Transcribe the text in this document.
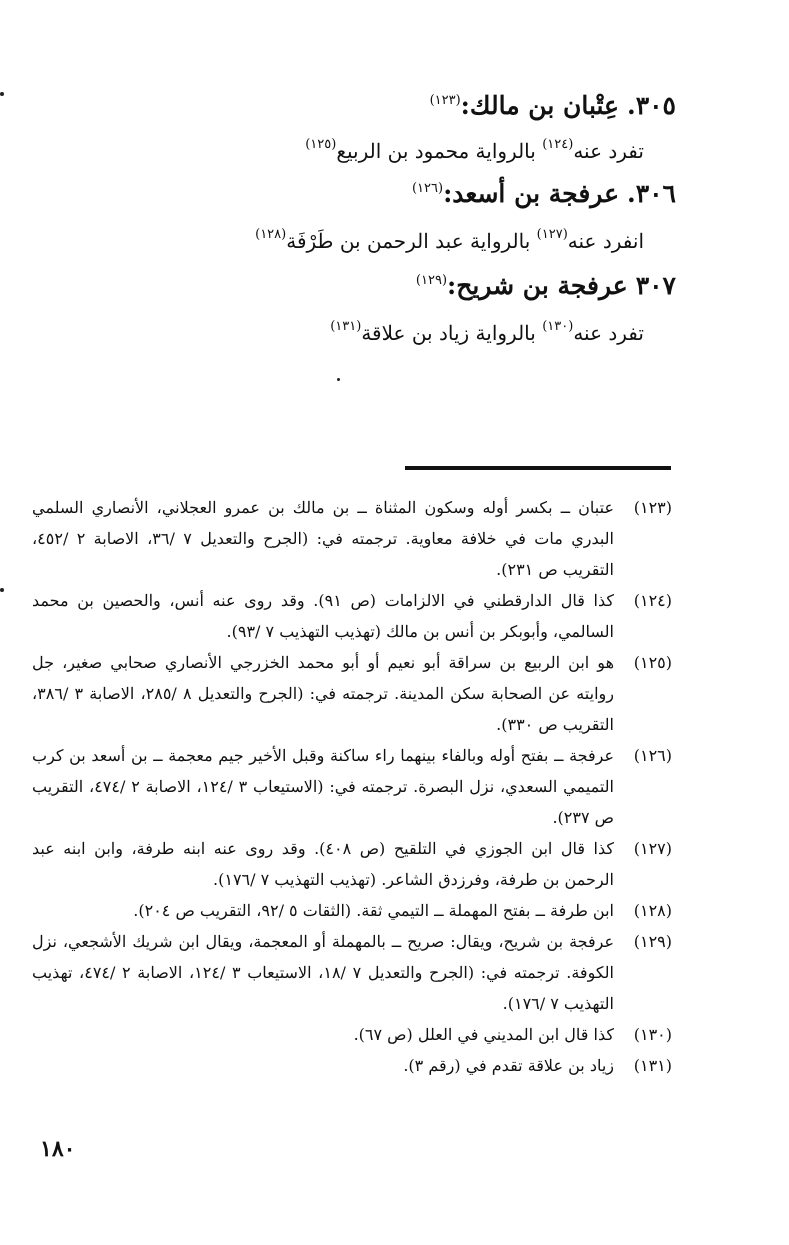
٣٠٥.عِتْبان بن مالك:$^{(١٢٣)}$
تفرد عنه$^{(١٢٤)}$ بالرواية محمود بن الربيع$^{(١٢٥)}$
٣٠٦.عرفجة بن أسعد:$^{(١٢٦)}$
انفرد عنه$^{(١٢٧)}$ بالرواية عبد الرحمن بن طَرْفَة$^{(١٢٨)}$
٣٠٧عرفجة بن شريح:$^{(١٢٩)}$
تفرد عنه$^{(١٣٠)}$ بالرواية زياد بن علاقة$^{(١٣١)}$
(١٢٣)
عتبان ــ بكسر أوله وسكون المثناة ــ بن مالك بن عمرو العجلاني، الأنصاري السلمي البدري مات في خلافة معاوية. ترجمته في: (الجرح والتعديل ٧ /٣٦، الاصابة ٢ /٤٥٢، التقريب ص ٢٣١).
(١٢٤)
كذا قال الدارقطني في الالزامات (ص ٩١). وقد روى عنه أنس، والحصين بن محمد السالمي، وأبوبكر بن أنس بن مالك (تهذيب التهذيب ٧ /٩٣).
(١٢٥)
هو ابن الربيع بن سراقة أبو نعيم أو أبو محمد الخزرجي الأنصاري صحابي صغير، جل روايته عن الصحابة سكن المدينة. ترجمته في: (الجرح والتعديل ٨ /٢٨٥، الاصابة ٣ /٣٨٦، التقريب ص ٣٣٠).
(١٢٦)
عرفجة ــ بفتح أوله وبالفاء بينهما راء ساكنة وقبل الأخير جيم معجمة ــ بن أسعد بن كرب التميمي السعدي، نزل البصرة. ترجمته في: (الاستيعاب ٣ /١٢٤، الاصابة ٢ /٤٧٤، التقريب ص ٢٣٧).
(١٢٧)
كذا قال ابن الجوزي في التلقيح (ص ٤٠٨). وقد روى عنه ابنه طرفة، وابن ابنه عبد الرحمن بن طرفة، وفرزدق الشاعر. (تهذيب التهذيب ٧ /١٧٦).
(١٢٨)
ابن طرفة ــ بفتح المهملة ــ التيمي ثقة. (الثقات ٥ /٩٢، التقريب ص ٢٠٤).
(١٢٩)
عرفجة بن شريح، ويقال: صريح ــ بالمهملة أو المعجمة، ويقال ابن شريك الأشجعي، نزل الكوفة. ترجمته في: (الجرح والتعديل ٧ /١٨، الاستيعاب ٣ /١٢٤، الاصابة ٢ /٤٧٤، تهذيب التهذيب ٧ /١٧٦).
(١٣٠)
كذا قال ابن المديني في العلل (ص ٦٧).
(١٣١)
زياد بن علاقة تقدم في (رقم ٣).
١٨٠
